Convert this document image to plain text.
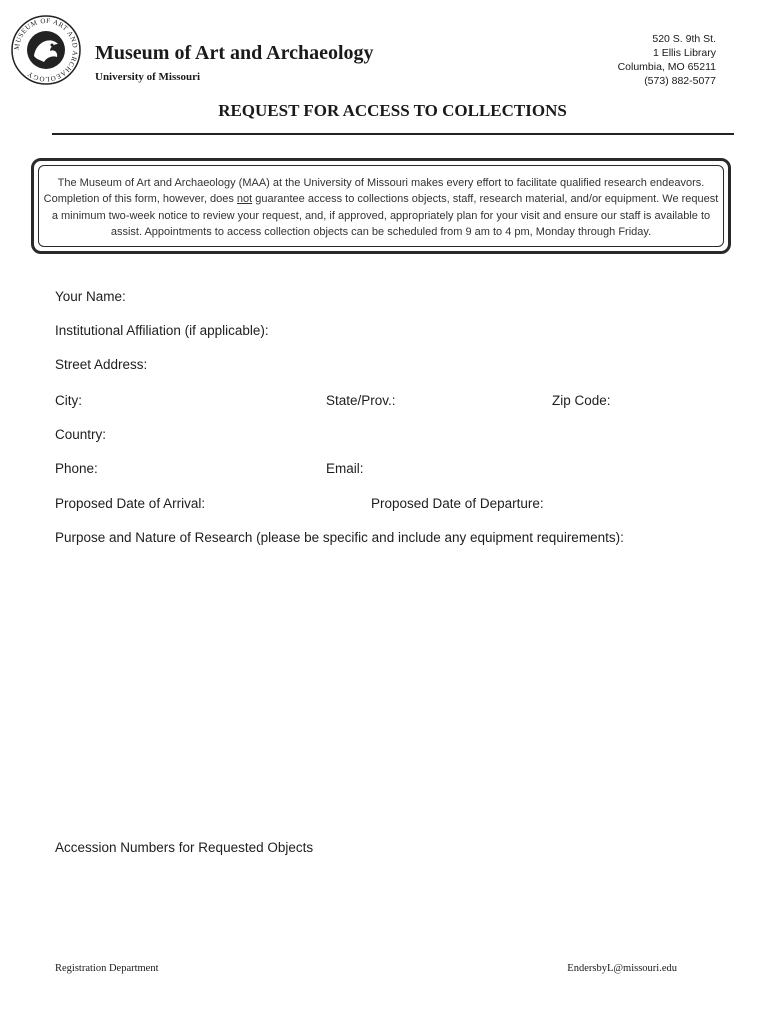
MUSEUM OF ART AND ARCHAEOLOGY
Museum of Art and Archaeology
University of Missouri
520 S. 9th St.
1 Ellis Library
Columbia, MO 65211
(573) 882-5077
REQUEST FOR ACCESS TO COLLECTIONS
The Museum of Art and Archaeology (MAA) at the University of Missouri makes every effort to facilitate qualified research endeavors. Completion of this form, however, does not guarantee access to collections objects, staff, research material, and/or equipment. We request a minimum two-week notice to review your request, and, if approved, appropriately plan for your visit and ensure our staff is available to assist. Appointments to access collection objects can be scheduled from 9 am to 4 pm, Monday through Friday.
Your Name:
Institutional Affiliation (if applicable):
Street Address:
City:	State/Prov.:	Zip Code:
Country:
Phone:	Email:
Proposed Date of Arrival:	Proposed Date of Departure:
Purpose and Nature of Research (please be specific and include any equipment requirements):
Accession Numbers for Requested Objects
Registration Department	EndersbyL@missouri.edu
